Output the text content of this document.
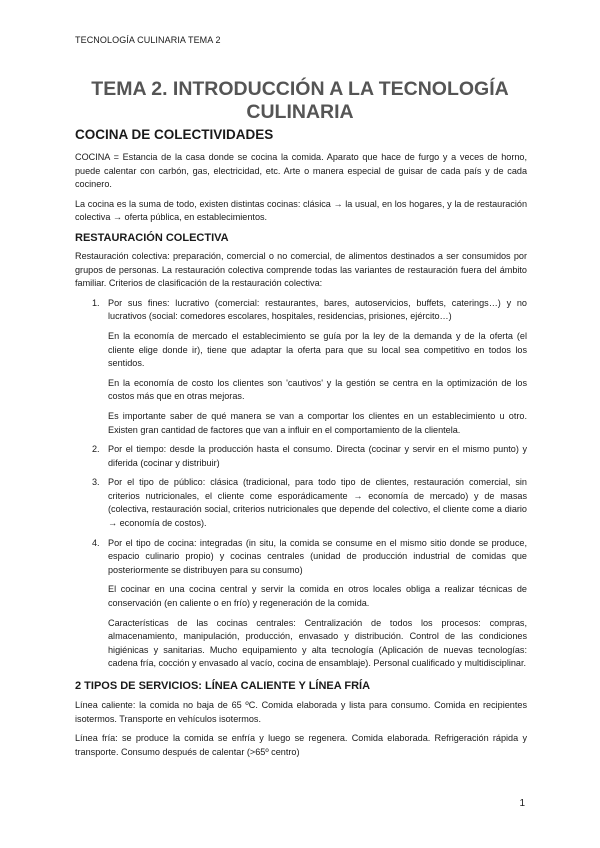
TECNOLOGÍA CULINARIA TEMA 2
TEMA 2. INTRODUCCIÓN A LA TECNOLOGÍA CULINARIA
COCINA DE COLECTIVIDADES

COCINA = Estancia de la casa donde se cocina la comida. Aparato que hace de furgo y a veces de horno, puede calentar con carbón, gas, electricidad, etc. Arte o manera especial de guisar de cada país y de cada cocinero.

La cocina es la suma de todo, existen distintas cocinas: clásica → la usual, en los hogares, y la de restauración colectiva → oferta pública, en establecimientos.

RESTAURACIÓN COLECTIVA

Restauración colectiva: preparación, comercial o no comercial, de alimentos destinados a ser consumidos por grupos de personas. La restauración colectiva comprende todas las variantes de restauración fuera del ámbito familiar. Criterios de clasificación de la restauración colectiva:

1. Por sus fines: lucrativo (comercial: restaurantes, bares, autoservicios, buffets, caterings…) y no lucrativos (social: comedores escolares, hospitales, residencias, prisiones, ejército…)

En la economía de mercado el establecimiento se guía por la ley de la demanda y de la oferta (el cliente elige donde ir), tiene que adaptar la oferta para que su local sea competitivo en todos los sentidos.

En la economía de costo los clientes son 'cautivos' y la gestión se centra en la optimización de los costos más que en otras mejoras.

Es importante saber de qué manera se van a comportar los clientes en un establecimiento u otro. Existen gran cantidad de factores que van a influir en el comportamiento de la clientela.

2. Por el tiempo: desde la producción hasta el consumo. Directa (cocinar y servir en el mismo punto) y diferida (cocinar y distribuir)

3. Por el tipo de público: clásica (tradicional, para todo tipo de clientes, restauración comercial, sin criterios nutricionales, el cliente come esporádicamente → economía de mercado) y de masas (colectiva, restauración social, criterios nutricionales que depende del colectivo, el cliente come a diario → economía de costos).

4. Por el tipo de cocina: integradas (in situ, la comida se consume en el mismo sitio donde se produce, espacio culinario propio) y cocinas centrales (unidad de producción industrial de comidas que posteriormente se distribuyen para su consumo)

El cocinar en una cocina central y servir la comida en otros locales obliga a realizar técnicas de conservación (en caliente o en frío) y regeneración de la comida.

Características de las cocinas centrales: Centralización de todos los procesos: compras, almacenamiento, manipulación, producción, envasado y distribución. Control de las condiciones higiénicas y sanitarias. Mucho equipamiento y alta tecnología (Aplicación de nuevas tecnologías: cadena fría, cocción y envasado al vacío, cocina de ensamblaje). Personal cualificado y multidisciplinar.

2 TIPOS DE SERVICIOS: LÍNEA CALIENTE Y LÍNEA FRÍA

Línea caliente: la comida no baja de 65 ºC. Comida elaborada y lista para consumo. Comida en recipientes isotermos. Transporte en vehículos isotermos.

Línea fría: se produce la comida se enfría y luego se regenera. Comida elaborada. Refrigeración rápida y transporte. Consumo después de calentar (>65º centro)

1
